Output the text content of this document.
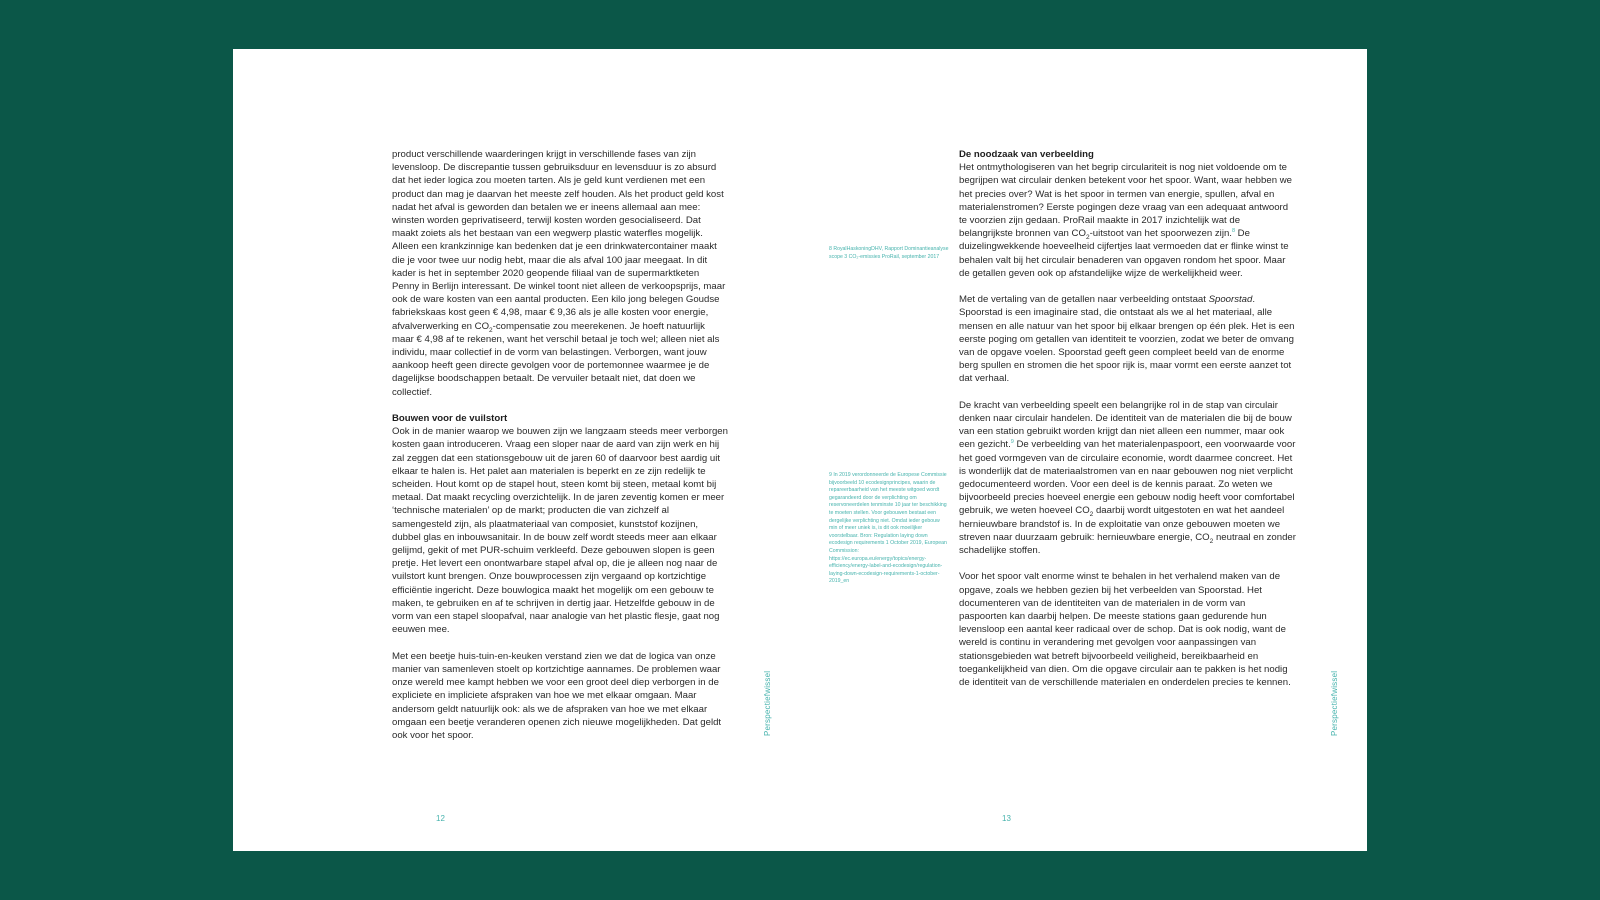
product verschillende waarderingen krijgt in verschillende fases van zijn levensloop. De discrepantie tussen gebruiksduur en levensduur is zo absurd dat het ieder logica zou moeten tarten. Als je geld kunt verdienen met een product dan mag je daarvan het meeste zelf houden. Als het product geld kost nadat het afval is geworden dan betalen we er ineens allemaal aan mee: winsten worden geprivatiseerd, terwijl kosten worden gesocialiseerd. Dat maakt zoiets als het bestaan van een wegwerp plastic waterfles mogelijk. Alleen een krankzinnige kan bedenken dat je een drinkwatercontainer maakt die je voor twee uur nodig hebt, maar die als afval 100 jaar meegaat. In dit kader is het in september 2020 geopende filiaal van de supermarktketen Penny in Berlijn interessant. De winkel toont niet alleen de verkoopsprijs, maar ook de ware kosten van een aantal producten. Een kilo jong belegen Goudse fabriekskaas kost geen € 4,98, maar € 9,36 als je alle kosten voor energie, afvalverwerking en $CO_2$-compensatie zou meerekenen. Je hoeft natuurlijk maar € 4,98 af te rekenen, want het verschil betaal je toch wel; alleen niet als individu, maar collectief in de vorm van belastingen. Verborgen, want jouw aankoop heeft geen directe gevolgen voor de portemonnee waarmee je de dagelijkse boodschappen betaalt. De vervuiler betaalt niet, dat doen we collectief.

Bouwen voor de vuilstort

Ook in de manier waarop we bouwen zijn we langzaam steeds meer verborgen kosten gaan introduceren. Vraag een sloper naar de aard van zijn werk en hij zal zeggen dat een stationsgebouw uit de jaren 60 of daarvoor best aardig uit elkaar te halen is. Het palet aan materialen is beperkt en ze zijn redelijk te scheiden. Hout komt op de stapel hout, steen komt bij steen, metaal komt bij metaal. Dat maakt recycling overzichtelijk. In de jaren zeventig komen er meer ‘technische materialen’ op de markt; producten die van zichzelf al samengesteld zijn, als plaatmateriaal van composiet, kunststof kozijnen, dubbel glas en inbouwsanitair. In de bouw zelf wordt steeds meer aan elkaar gelijmd, gekit of met PUR-schuim verkleefd. Deze gebouwen slopen is geen pretje. Het levert een onontwarbare stapel afval op, die je alleen nog naar de vuilstort kunt brengen. Onze bouwprocessen zijn vergaand op kortzichtige efficiëntie ingericht. Deze bouwlogica maakt het mogelijk om een gebouw te maken, te gebruiken en af te schrijven in dertig jaar. Hetzelfde gebouw in de vorm van een stapel sloopafval, naar analogie van het plastic flesje, gaat nog eeuwen mee.

Met een beetje huis-tuin-en-keuken verstand zien we dat de logica van onze manier van samenleven stoelt op kortzichtige aannames. De problemen waar onze wereld mee kampt hebben we voor een groot deel diep verborgen in de expliciete en impliciete afspraken van hoe we met elkaar omgaan. Maar andersom geldt natuurlijk ook: als we de afspraken van hoe we met elkaar omgaan een beetje veranderen openen zich nieuwe mogelijkheden. Dat geldt ook voor het spoor.

8 RoyalHaskoningDHV, Rapport Dominantieanalyse scope 3 CO₂-emissies ProRail, september 2017
9 In 2019 verordonneerde de Europese Commissie bijvoorbeeld 10 ecodesignprincipes, waarin de repareerbaarheid van het meeste witgoed wordt gegarandeerd door de verplichting om reservoneerdelen tenminste 10 jaar ter beschikking te moeten stellen. Voor gebouwen bestaat een dergelijke verplichting niet. Omdat ieder gebouw min of meer uniek is, is dit ook moeilijker voorstelbaar. Bron: Regulation laying down ecodesign requirements 1 October 2019, European Commission: https://ec.europa.eu/energy/topics/energy-efficiency/energy-label-and-ecodesign/regulation-laying-down-ecodesign-requirements-1-october-2019_en
Perspectiefwissel
12
De noodzaak van verbeelding

Het ontmythologiseren van het begrip circulariteit is nog niet voldoende om te begrijpen wat circulair denken betekent voor het spoor. Want, waar hebben we het precies over? Wat is het spoor in termen van energie, spullen, afval en materialenstromen? Eerste pogingen deze vraag van een adequaat antwoord te voorzien zijn gedaan. ProRail maakte in 2017 inzichtelijk wat de belangrijkste bronnen van $CO_2$-uitstoot van het spoorwezen zijn.$^8$ De duizelingwekkende hoeveelheid cijfertjes laat vermoeden dat er flinke winst te behalen valt bij het circulair benaderen van opgaven rondom het spoor. Maar de getallen geven ook op afstandelijke wijze de werkelijkheid weer.

Met de vertaling van de getallen naar verbeelding ontstaat Spoorstad. Spoorstad is een imaginaire stad, die ontstaat als we al het materiaal, alle mensen en alle natuur van het spoor bij elkaar brengen op één plek. Het is een eerste poging om getallen van identiteit te voorzien, zodat we beter de omvang van de opgave voelen. Spoorstad geeft geen compleet beeld van de enorme berg spullen en stromen die het spoor rijk is, maar vormt een eerste aanzet tot dat verhaal.

De kracht van verbeelding speelt een belangrijke rol in de stap van circulair denken naar circulair handelen. De identiteit van de materialen die bij de bouw van een station gebruikt worden krijgt dan niet alleen een nummer, maar ook een gezicht.$^9$ De verbeelding van het materialenpaspoort, een voorwaarde voor het goed vormgeven van de circulaire economie, wordt daarmee concreet. Het is wonderlijk dat de materiaalstromen van en naar gebouwen nog niet verplicht gedocumenteerd worden. Voor een deel is de kennis paraat. Zo weten we bijvoorbeeld precies hoeveel energie een gebouw nodig heeft voor comfortabel gebruik, we weten hoeveel $CO_2$ daarbij wordt uitgestoten en wat het aandeel hernieuwbare brandstof is. In de exploitatie van onze gebouwen moeten we streven naar duurzaam gebruik: hernieuwbare energie, $CO_2$ neutraal en zonder schadelijke stoffen.

Voor het spoor valt enorme winst te behalen in het verhalend maken van de opgave, zoals we hebben gezien bij het verbeelden van Spoorstad. Het documenteren van de identiteiten van de materialen in de vorm van paspoorten kan daarbij helpen. De meeste stations gaan gedurende hun levensloop een aantal keer radicaal over de schop. Dat is ook nodig, want de wereld is continu in verandering met gevolgen voor aanpassingen van stationsgebieden wat betreft bijvoorbeeld veiligheid, bereikbaarheid en toegankelijkheid van dien. Om die opgave circulair aan te pakken is het nodig de identiteit van de verschillende materialen en onderdelen precies te kennen.	Perspectiefwissel
13
